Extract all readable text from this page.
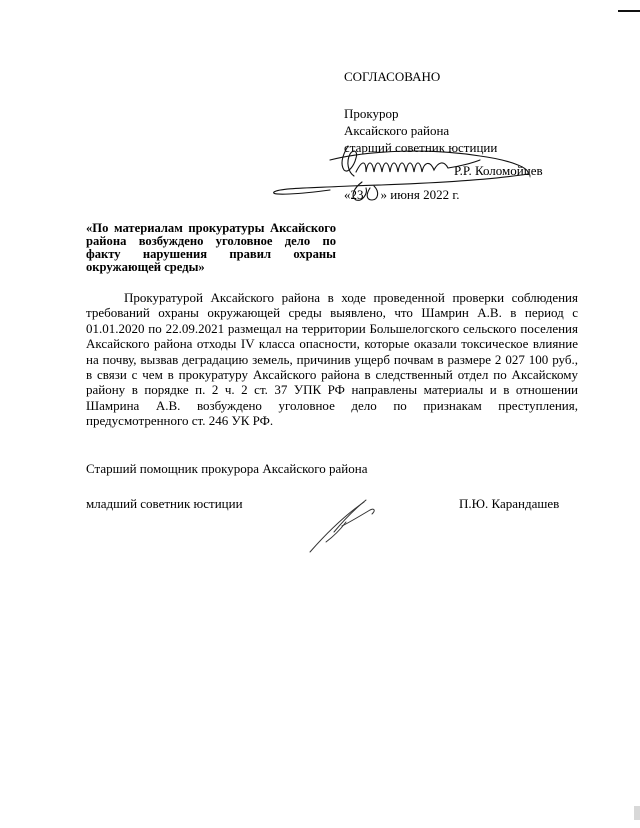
СОГЛАСОВАНО
Прокурор
Аксайского района
старший советник юстиции
Р.Р. Коломойцев
«23 » июня 2022 г.
«По материалам прокуратуры Аксайского района возбуждено уголовное дело по факту нарушения правил охраны окружающей среды»
Прокуратурой Аксайского района в ходе проведенной проверки соблюдения требований охраны окружающей среды выявлено, что Шамрин А.В. в период с 01.01.2020 по 22.09.2021 размещал на территории Большелогского сельского поселения Аксайского района отходы IV класса опасности, которые оказали токсическое влияние на почву, вызвав деградацию земель, причинив ущерб почвам в размере 2 027 100 руб., в связи с чем в прокуратуру Аксайского района в следственный отдел по Аксайскому району в порядке п. 2 ч. 2 ст. 37 УПК РФ направлены материалы и в отношении Шамрина А.В. возбуждено уголовное дело по признакам преступления, предусмотренного ст. 246 УК РФ.
Старший помощник прокурора Аксайского района
младший советник юстиции	П.Ю. Карандашев
